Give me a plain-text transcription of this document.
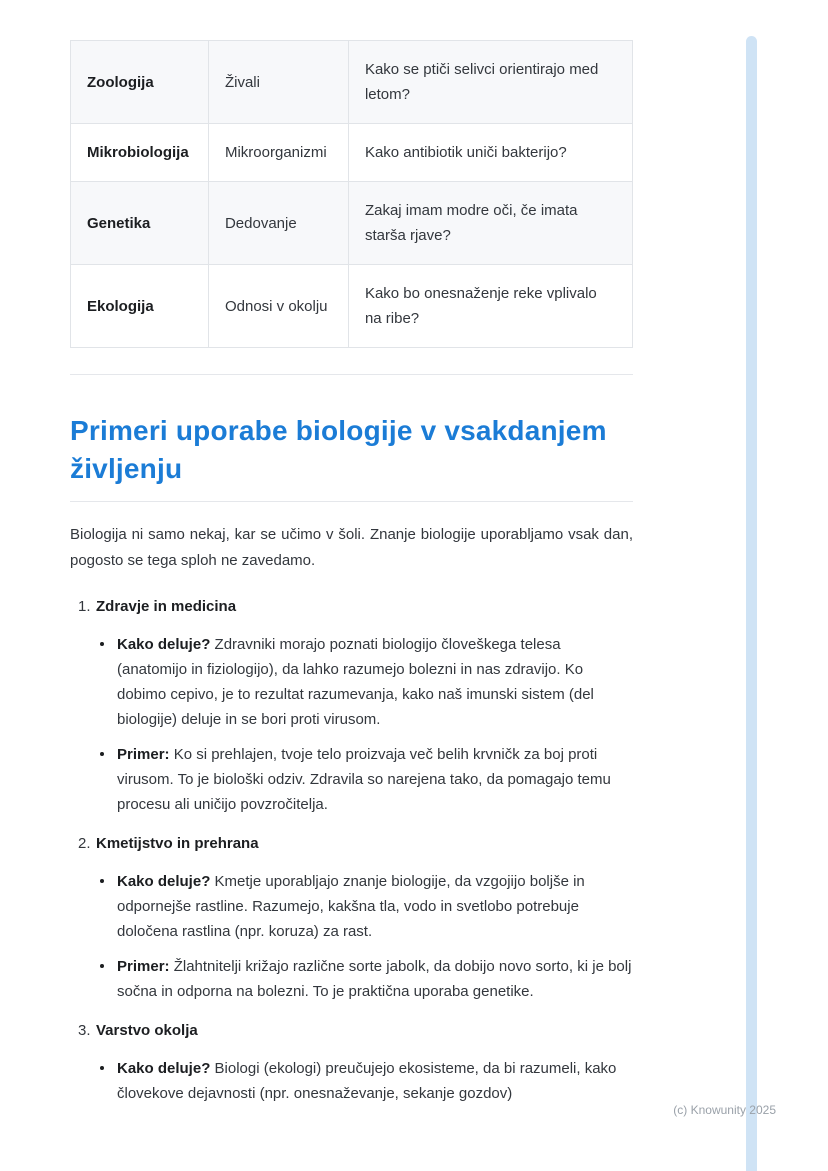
Zoologija	Živali	Kako se ptiči selivci orientirajo med letom?
Mikrobiologija	Mikroorganizmi	Kako antibiotik uniči bakterijo?
Genetika	Dedovanje	Zakaj imam modre oči, če imata starša rjave?
Ekologija	Odnosi v okolju	Kako bo onesnaženje reke vplivalo na ribe?
Primeri uporabe biologije v vsakdanjem življenju

Biologija ni samo nekaj, kar se učimo v šoli. Znanje biologije uporabljamo vsak dan, pogosto se tega sploh ne zavedamo.

1. Zdravje in medicina

Kako deluje? Zdravniki morajo poznati biologijo človeškega telesa (anatomijo in fiziologijo), da lahko razumejo bolezni in nas zdravijo. Ko dobimo cepivo, je to rezultat razumevanja, kako naš imunski sistem (del biologije) deluje in se bori proti virusom.

Primer: Ko si prehlajen, tvoje telo proizvaja več belih krvničk za boj proti virusom. To je biološki odziv. Zdravila so narejena tako, da pomagajo temu procesu ali uničijo povzročitelja.

2. Kmetijstvo in prehrana

Kako deluje? Kmetje uporabljajo znanje biologije, da vzgojijo boljše in odpornejše rastline. Razumejo, kakšna tla, vodo in svetlobo potrebuje določena rastlina (npr. koruza) za rast.

Primer: Žlahtnitelji križajo različne sorte jabolk, da dobijo novo sorto, ki je bolj sočna in odporna na bolezni. To je praktična uporaba genetike.

3. Varstvo okolja

Kako deluje? Biologi (ekologi) preučujejo ekosisteme, da bi razumeli, kako človekove dejavnosti (npr. onesnaževanje, sekanje gozdov)

(c) Knowunity 2025
